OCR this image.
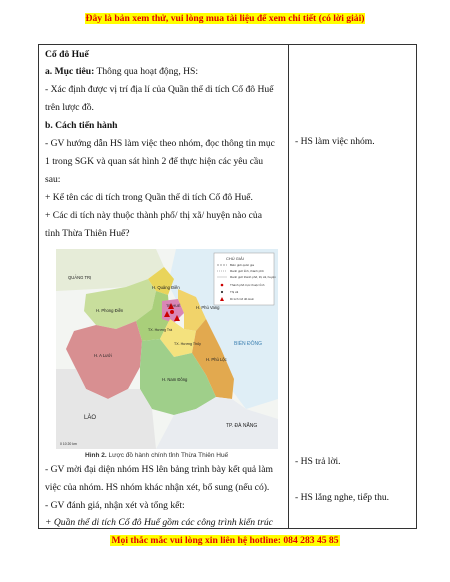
Đây là bản xem thử, vui lòng mua tài liệu để xem chi tiết (có lời giải)
Cố đô Huế
a. Mục tiêu: Thông qua hoạt động, HS:
- Xác định được vị trí địa lí của Quần thể di tích Cố đô Huế
trên lược đồ.
b. Cách tiến hành
- GV hướng dẫn HS làm việc theo nhóm, đọc thông tin mục
1 trong SGK và quan sát hình 2 để thực hiện các yêu cầu
sau:
+ Kể tên các di tích trong Quần thể di tích Cố đô Huế.
+ Các di tích này thuộc thành phố/ thị xã/ huyện nào của
tỉnh Thừa Thiên Huế?
CHÚ GIẢI
Biên giới quốc gia
Ranh giới tỉnh, thành phố
Ranh giới thành phố, thị xã, huyện
Thành phố trực thuộc tỉnh
Thị xã
Di tích Cố đô Huế
QUẢNG TRỊ
H. Quảng Điền
H. Phong Điền
TP. HUẾ	H. Phú Vang
TX. Hương Trà
TX. Hương Thủy
H. Phú Lộc
H. A Lưới
H. Nam Đông
LÀO
TP. ĐÀ NẴNG
BIỂN ĐÔNG
0 10 20 km
Hình 2. Lược đồ hành chính tỉnh Thừa Thiên Huế
- GV mời đại diện nhóm HS lên bảng trình bày kết quả làm
việc của nhóm. HS nhóm khác nhận xét, bổ sung (nếu có).
- GV đánh giá, nhận xét và tổng kết:
+ Quần thể di tích Cố đô Huế gồm các công trình kiến trúc
- HS làm việc nhóm.
- HS trả lời.
- HS lắng nghe, tiếp thu.
Mọi thắc mắc vui lòng xin liên hệ hotline: 084 283 45 85
